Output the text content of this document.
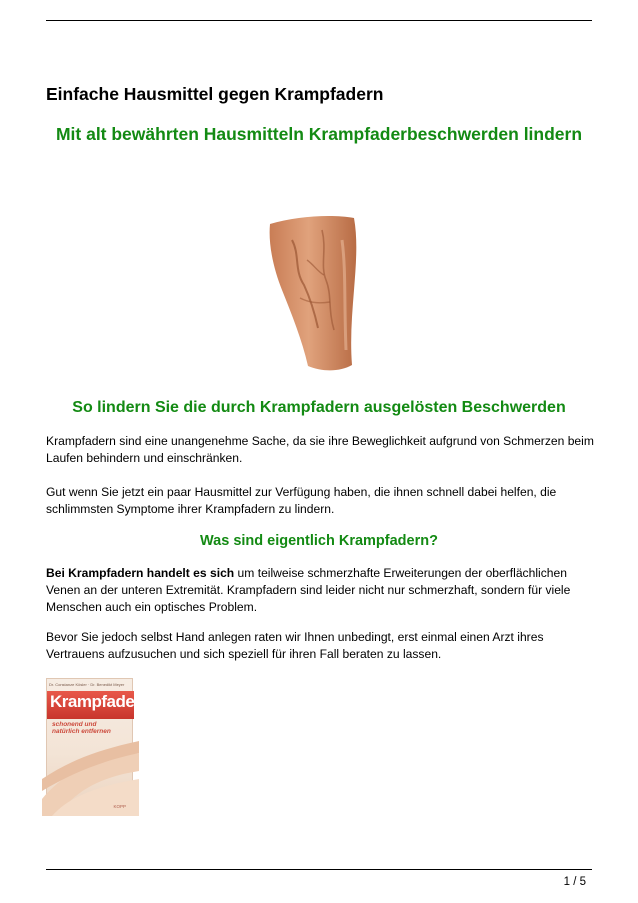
Einfache Hausmittel gegen Krampfadern
Mit alt bewährten Hausmitteln Krampfaderbeschwerden lindern
So lindern Sie die durch Krampfadern ausgelösten Beschwerden

Krampfadern sind eine unangenehme Sache, da sie ihre Beweglichkeit aufgrund von Schmerzen beim Laufen behindern und einschränken.

Gut wenn Sie jetzt ein paar Hausmittel zur Verfügung haben, die ihnen schnell dabei helfen, die schlimmsten Symptome ihrer Krampfadern zu lindern.

Was sind eigentlich Krampfadern?

Bei Krampfadern handelt es sich um teilweise schmerzhafte Erweiterungen der oberflächlichen Venen an der unteren Extremität. Krampfadern sind leider nicht nur schmerzhaft, sondern für viele Menschen auch ein optisches Problem.

Bevor Sie jedoch selbst Hand anlegen raten wir Ihnen unbedingt, erst einmal einen Arzt ihres Vertrauens aufzusuchen und sich speziell für ihren Fall beraten zu lassen.

Dr. Constanze Kösler · Dr. Benedikt Meyer
Krampfadern
schonend und natürlich entfernen
KOPP
1 / 5
